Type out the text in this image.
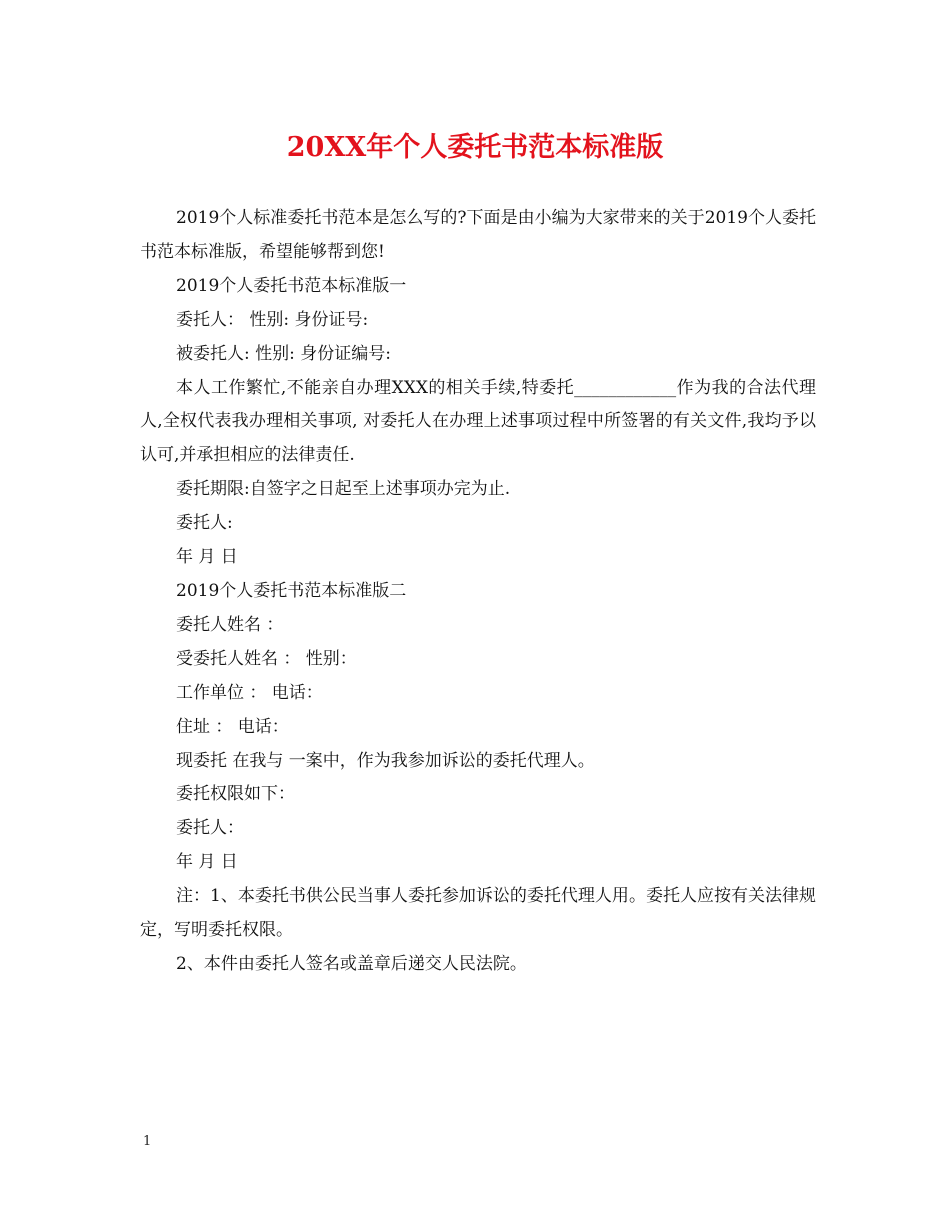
20XX年个人委托书范本标准版

2019个人标准委托书范本是怎么写的?下面是由小编为大家带来的关于2019个人委托书范本标准版，希望能够帮到您!

2019个人委托书范本标准版一

委托人： 性别: 身份证号:

被委托人: 性别: 身份证编号:

本人工作繁忙,不能亲自办理XXX的相关手续,特委托____________作为我的合法代理人,全权代表我办理相关事项, 对委托人在办理上述事项过程中所签署的有关文件,我均予以认可,并承担相应的法律责任.

委托期限:自签字之日起至上述事项办完为止.

委托人:

年 月 日

2019个人委托书范本标准版二

委托人姓名 ：

受委托人姓名 ： 性别：

工作单位 ： 电话：

住址 ： 电话：

现委托 在我与 一案中，作为我参加诉讼的委托代理人。

委托权限如下：

委托人：

年 月 日

注：1、本委托书供公民当事人委托参加诉讼的委托代理人用。委托人应按有关法律规定，写明委托权限。

2、本件由委托人签名或盖章后递交人民法院。

1
